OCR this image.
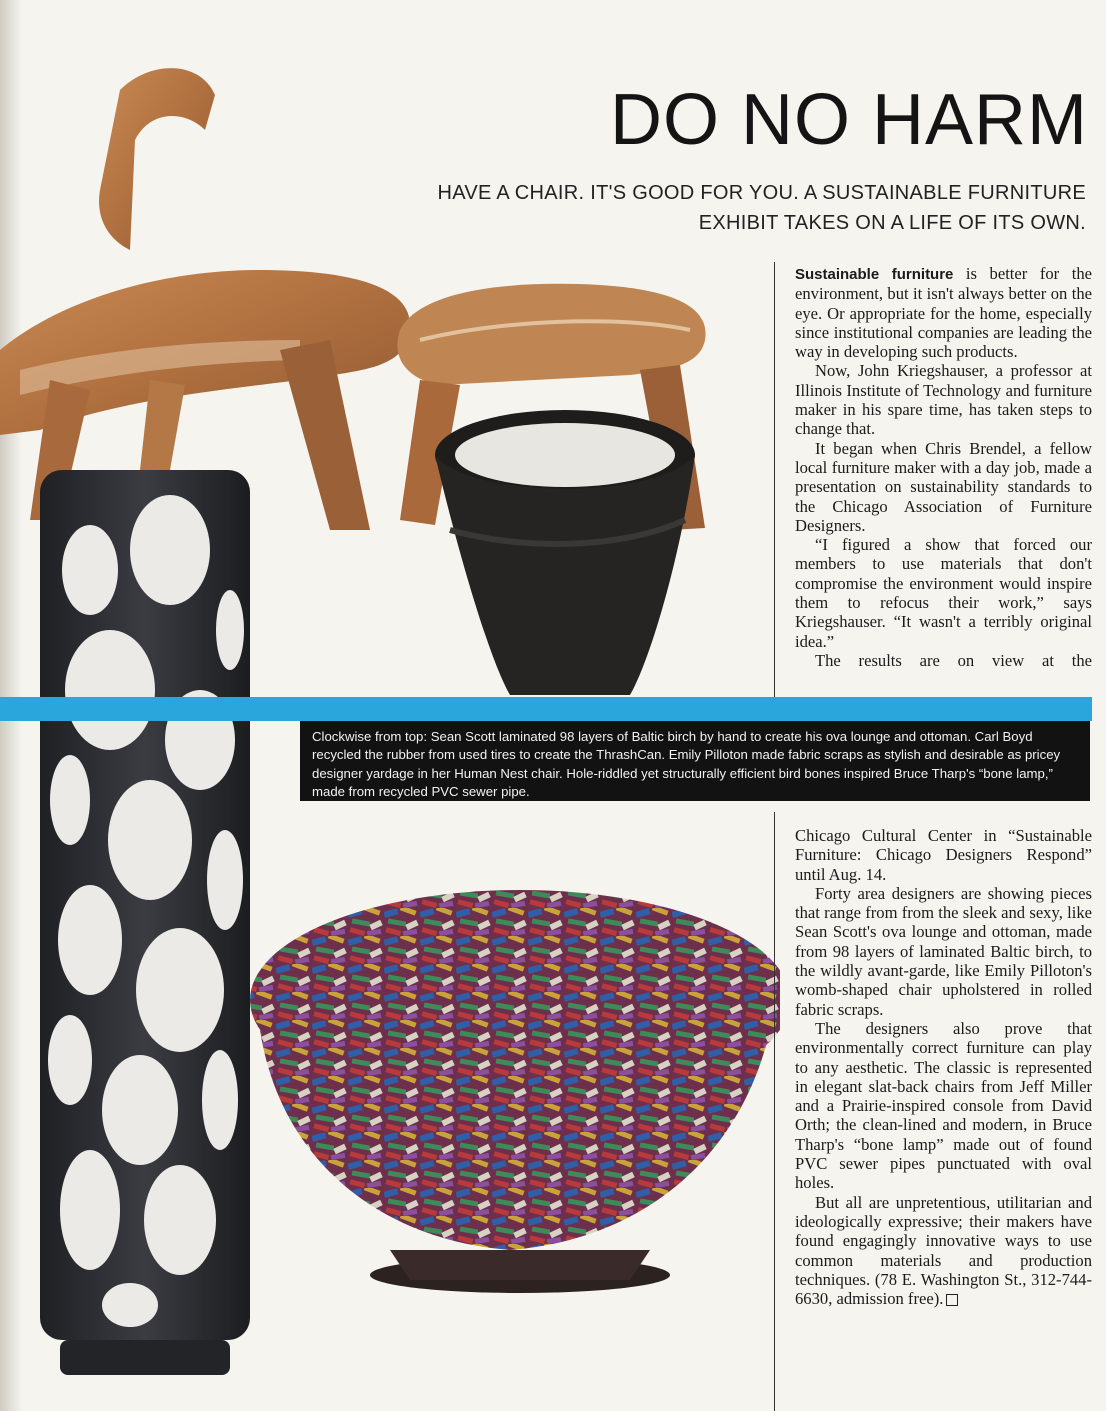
DO NO HARM

HAVE A CHAIR. IT'S GOOD FOR YOU. A SUSTAINABLE FURNITURE EXHIBIT TAKES ON A LIFE OF ITS OWN.

Sustainable furniture is better for the environment, but it isn't always better on the eye. Or appropriate for the home, especially since institutional companies are leading the way in developing such products.

Now, John Kriegshauser, a professor at Illinois Institute of Technology and furniture maker in his spare time, has taken steps to change that.

It began when Chris Brendel, a fellow local furniture maker with a day job, made a presentation on sustainability standards to the Chicago Association of Furniture Designers.

“I figured a show that forced our members to use materials that don't compromise the environment would inspire them to refocus their work,” says Kriegshauser. “It wasn't a terribly original idea.”

The results are on view at the

Clockwise from top: Sean Scott laminated 98 layers of Baltic birch by hand to create his ova lounge and ottoman. Carl Boyd recycled the rubber from used tires to create the ThrashCan. Emily Pilloton made fabric scraps as stylish and desirable as pricey designer yardage in her Human Nest chair. Hole-riddled yet structurally efficient bird bones inspired Bruce Tharp's “bone lamp,” made from recycled PVC sewer pipe.

Chicago Cultural Center in “Sustainable Furniture: Chicago Designers Respond” until Aug. 14.

Forty area designers are showing pieces that range from from the sleek and sexy, like Sean Scott's ova lounge and ottoman, made from 98 layers of laminated Baltic birch, to the wildly avant-garde, like Emily Pilloton's womb-shaped chair upholstered in rolled fabric scraps.

The designers also prove that environmentally correct furniture can play to any aesthetic. The classic is represented in elegant slat-back chairs from Jeff Miller and a Prairie-inspired console from David Orth; the clean-lined and modern, in Bruce Tharp's “bone lamp” made out of found PVC sewer pipes punctuated with oval holes.

But all are unpretentious, utilitarian and ideologically expressive; their makers have found engagingly innovative ways to use common materials and production techniques. (78 E. Washington St., 312-744-6630, admission free).
